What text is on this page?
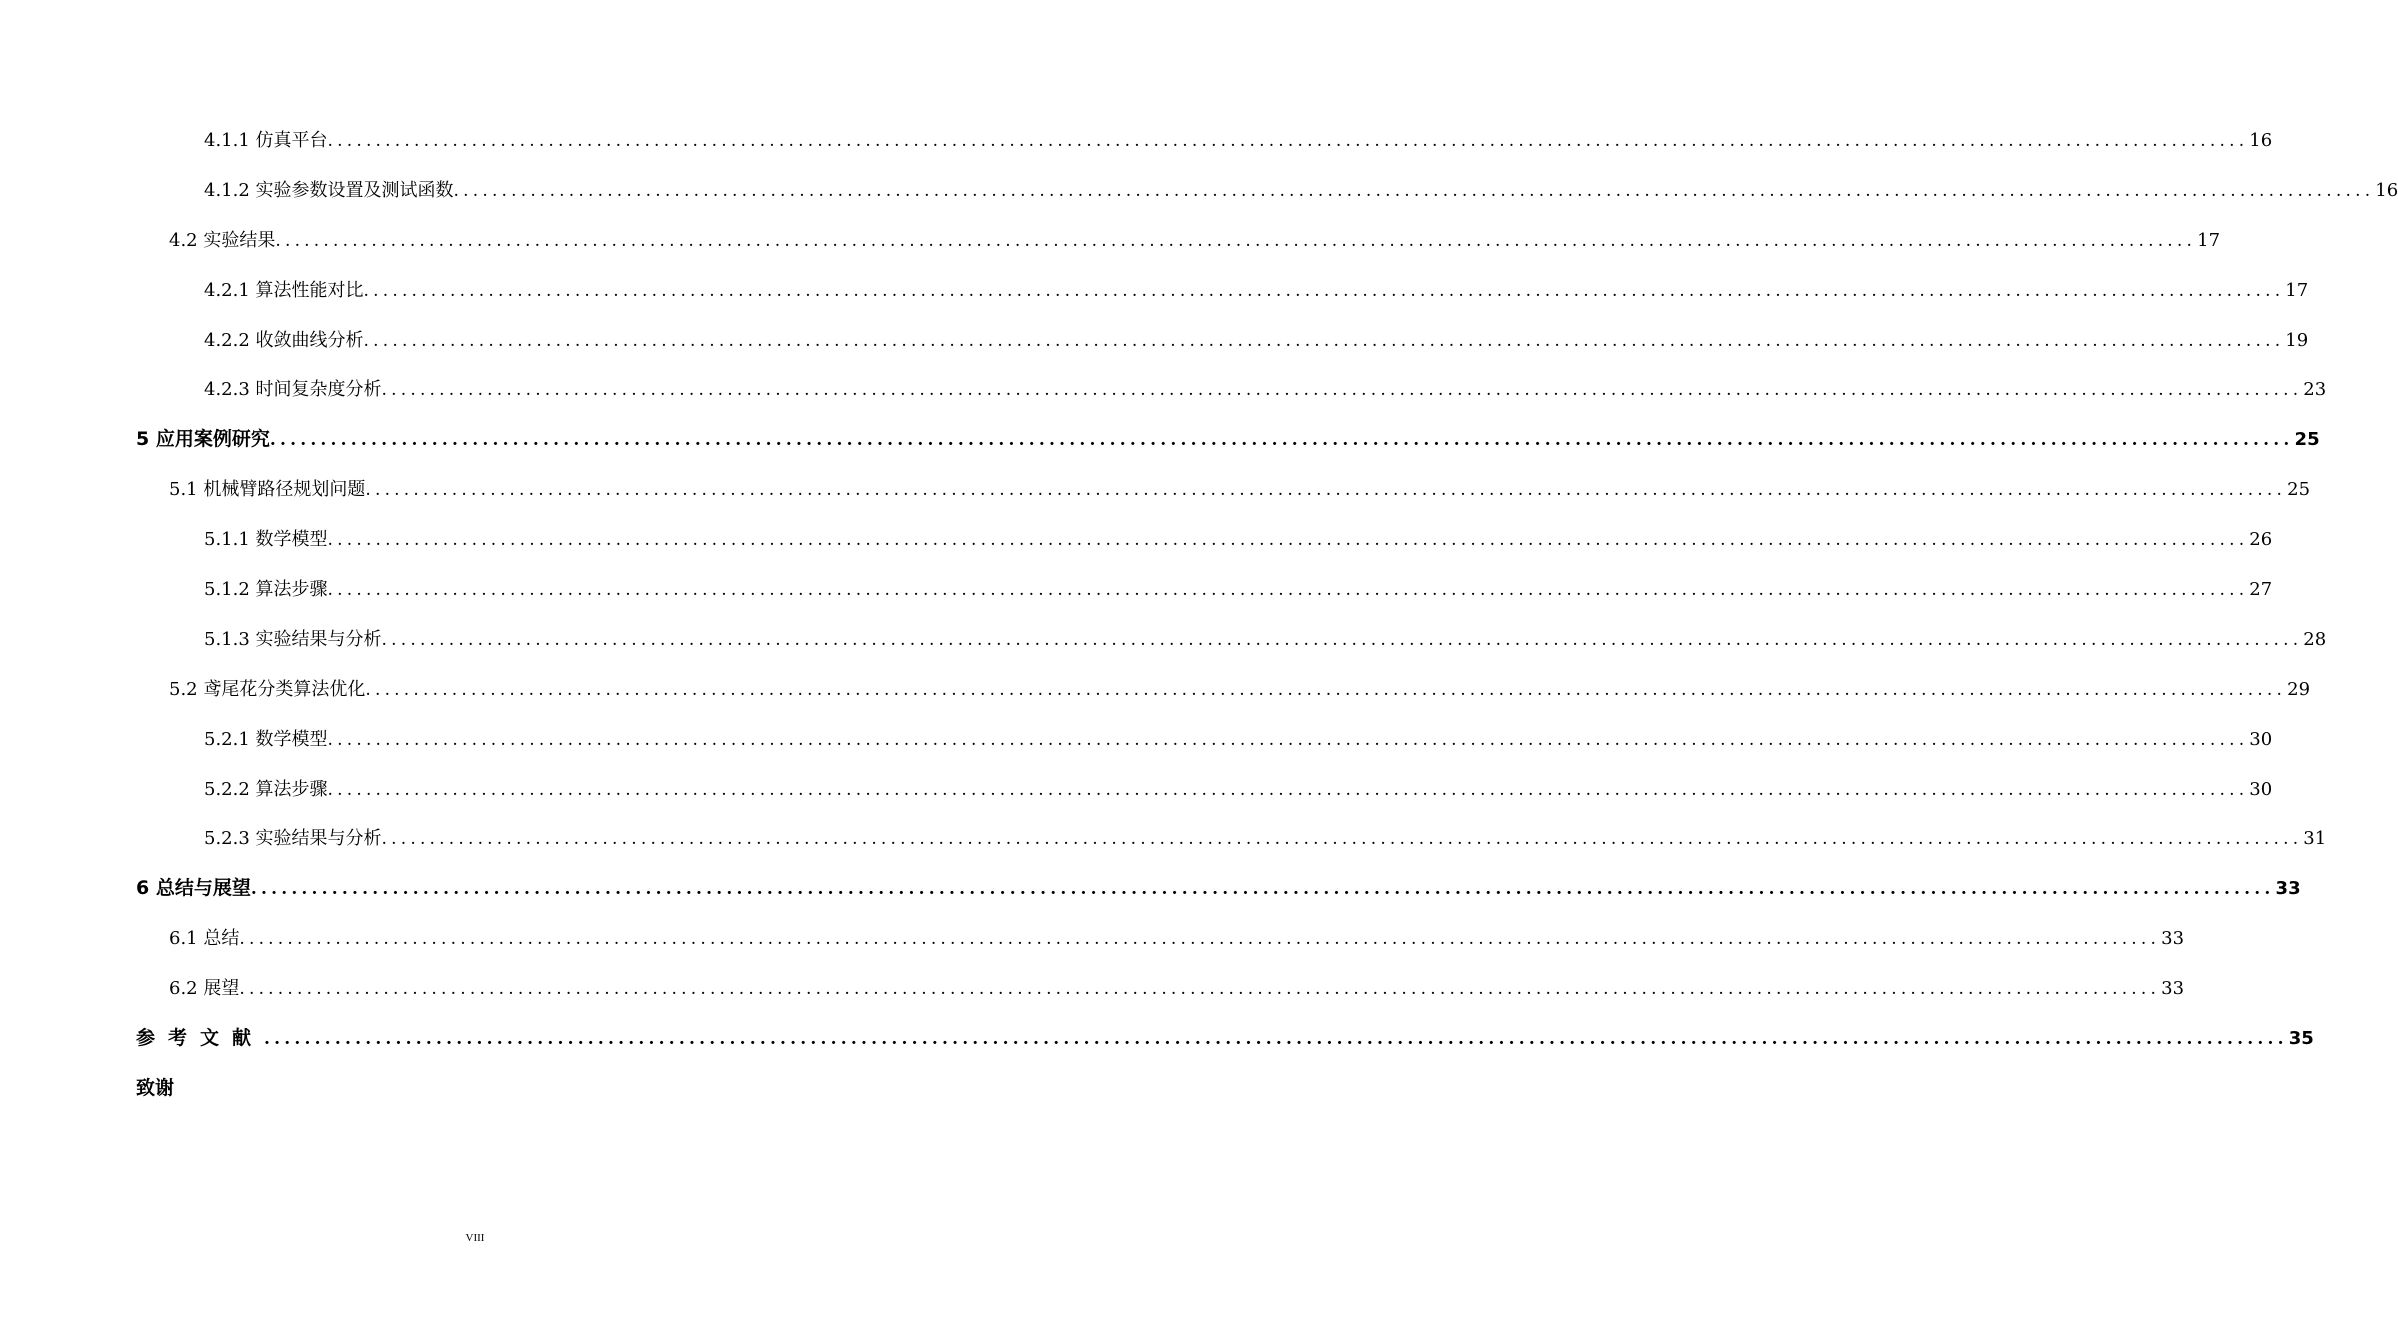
4.1.1 仿真平台 ........................................................................................................................................................................................................ 16
4.1.2 实验参数设置及测试函数 ........................................................................................................................................................................................................ 16
4.2 实验结果 ........................................................................................................................................................................................................ 17
4.2.1 算法性能对比 ........................................................................................................................................................................................................ 17
4.2.2 收敛曲线分析 ........................................................................................................................................................................................................ 19
4.2.3 时间复杂度分析 ........................................................................................................................................................................................................ 23
5 应用案例研究 ........................................................................................................................................................................................................ 25
5.1 机械臂路径规划问题 ........................................................................................................................................................................................................ 25
5.1.1 数学模型 ........................................................................................................................................................................................................ 26
5.1.2 算法步骤 ........................................................................................................................................................................................................ 27
5.1.3 实验结果与分析 ........................................................................................................................................................................................................ 28
5.2 鸢尾花分类算法优化 ........................................................................................................................................................................................................ 29
5.2.1 数学模型 ........................................................................................................................................................................................................ 30
5.2.2 算法步骤 ........................................................................................................................................................................................................ 30
5.2.3 实验结果与分析 ........................................................................................................................................................................................................ 31
6 总结与展望 ........................................................................................................................................................................................................ 33
6.1 总结 ........................................................................................................................................................................................................ 33
6.2 展望 ........................................................................................................................................................................................................ 33
参考文献 ........................................................................................................................................................................................................ 35
致谢
VIII
